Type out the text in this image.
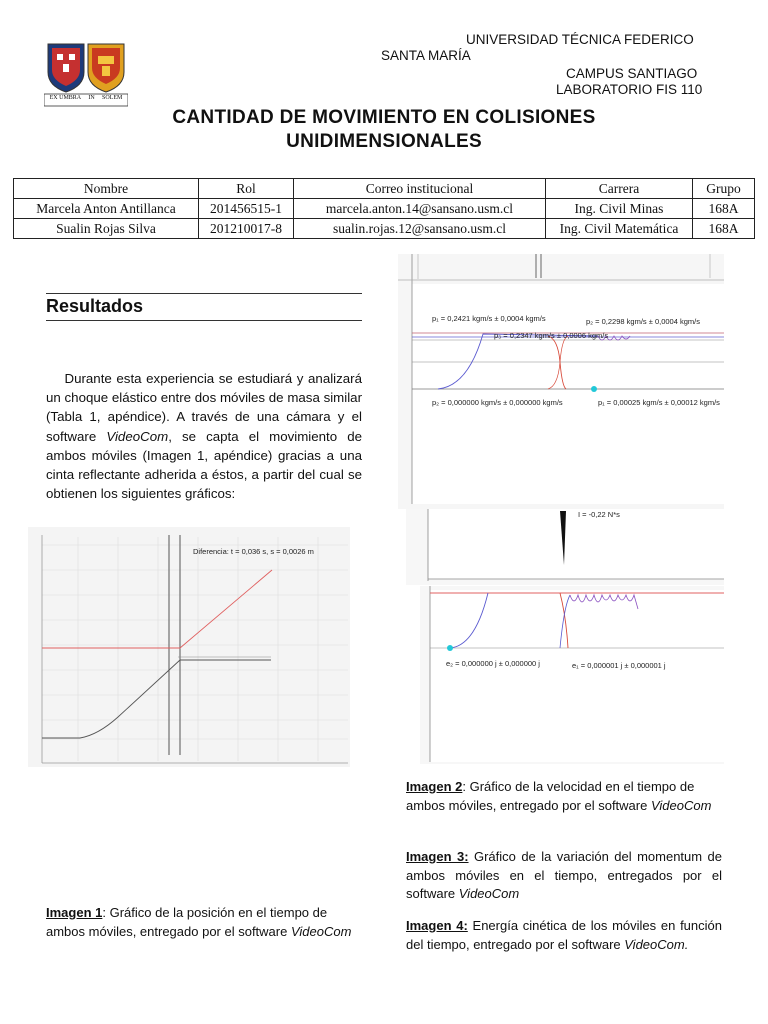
EX UMBRA IN SOLEM
UNIVERSIDAD TÉCNICA FEDERICO
SANTA MARÍA
CAMPUS SANTIAGO
LABORATORIO FIS 110
CANTIDAD DE MOVIMIENTO EN COLISIONES
UNIDIMENSIONALES
Nombre	Rol	Correo institucional	Carrera	Grupo
Marcela Anton Antillanca	201456515-1	marcela.anton.14@sansano.usm.cl	Ing. Civil Minas	168A
Sualin Rojas Silva	201210017-8	sualin.rojas.12@sansano.usm.cl	Ing. Civil Matemática	168A
Resultados
Durante esta experiencia se estudiará y analizará un choque elástico entre dos móviles de masa similar (Tabla 1, apéndice). A través de una cámara y el software VideoCom, se capta el movimiento de ambos móviles (Imagen 1, apéndice) gracias a una cinta reflectante adherida a éstos, a partir del cual se obtienen los siguientes gráficos:
Diferencia: t = 0,036 s, s = 0,0026 m
p₁ = 0,2421 kgm/s ± 0,0004 kgm/s	p₂ = 0,2298 kgm/s ± 0,0004 kgm/s
p₃ = 0,2347 kgm/s ± 0,0006 kgm/s
p₂ = 0,000000 kgm/s ± 0,000000 kgm/s	p₁ = 0,00025 kgm/s ± 0,00012 kgm/s
I = -0,22 N*s
e₂ = 0,000000 j ± 0,000000 j	e₁ = 0,000001 j ± 0,000001 j
Imagen 1: Gráfico de la posición en el tiempo de ambos móviles, entregado por el software VideoCom
Imagen 2: Gráfico de la velocidad en el tiempo de ambos móviles, entregado por el software VideoCom
Imagen 3: Gráfico de la variación del momentum de ambos móviles en el tiempo, entregados por el software VideoCom
Imagen 4: Energía cinética de los móviles en función del tiempo, entregado por el software VideoCom.
